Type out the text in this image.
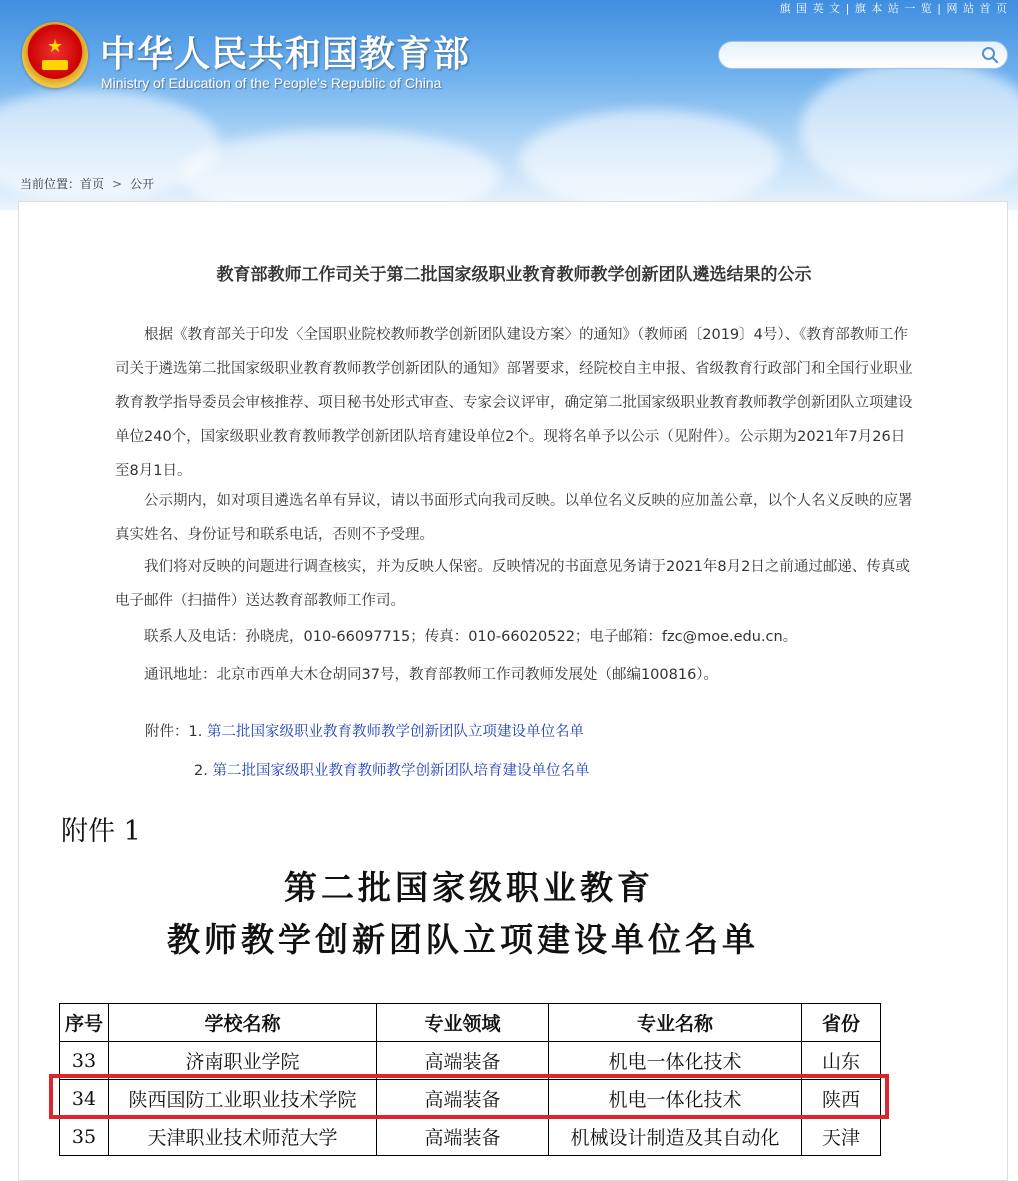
旗 国 英 文 | 旗 本 站 一 览 | 网 站 首 页
★ 中华人民共和国教育部
Ministry of Education of the People's Republic of China
当前位置：首页 > 公开
教育部教师工作司关于第二批国家级职业教育教师教学创新团队遴选结果的公示

根据《教育部关于印发〈全国职业院校教师教学创新团队建设方案〉的通知》（教师函〔2019〕4号）、《教育部教师工作司关于遴选第二批国家级职业教育教师教学创新团队的通知》部署要求，经院校自主申报、省级教育行政部门和全国行业职业教育教学指导委员会审核推荐、项目秘书处形式审查、专家会议评审，确定第二批国家级职业教育教师教学创新团队立项建设单位240个，国家级职业教育教师教学创新团队培育建设单位2个。现将名单予以公示（见附件）。公示期为2021年7月26日至8月1日。

公示期内，如对项目遴选名单有异议，请以书面形式向我司反映。以单位名义反映的应加盖公章，以个人名义反映的应署真实姓名、身份证号和联系电话，否则不予受理。

我们将对反映的问题进行调查核实，并为反映人保密。反映情况的书面意见务请于2021年8月2日之前通过邮递、传真或电子邮件（扫描件）送达教育部教师工作司。

联系人及电话：孙晓虎，010-66097715；传真：010-66020522；电子邮箱：fzc@moe.edu.cn。

通讯地址：北京市西单大木仓胡同37号，教育部教师工作司教师发展处（邮编100816）。

附件：1. 第二批国家级职业教育教师教学创新团队立项建设单位名单
2. 第二批国家级职业教育教师教学创新团队培育建设单位名单
附件 1
第二批国家级职业教育
教师教学创新团队立项建设单位名单
序号	学校名称	专业领域	专业名称	省份
33	济南职业学院	高端装备	机电一体化技术	山东
34	陕西国防工业职业技术学院	高端装备	机电一体化技术	陕西
35	天津职业技术师范大学	高端装备	机械设计制造及其自动化	天津
